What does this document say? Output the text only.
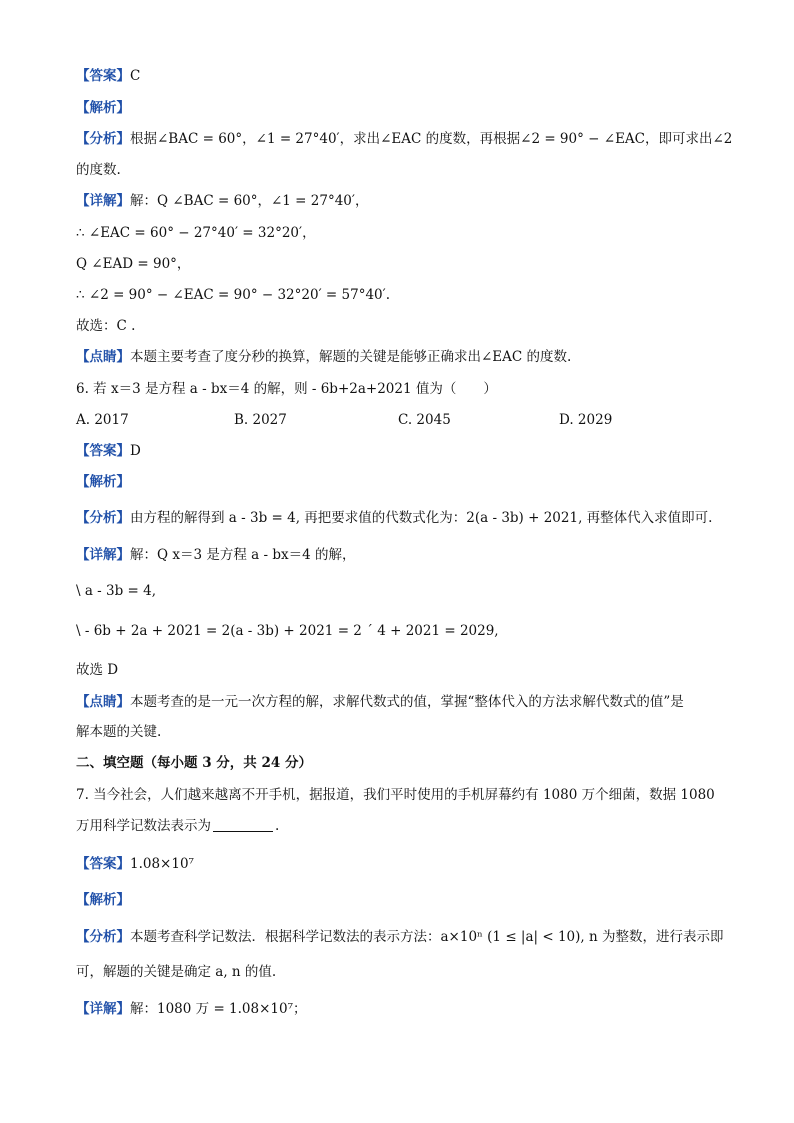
【答案】C
【解析】
【分析】根据∠BAC = 60°，∠1 = 27°40′，求出∠EAC 的度数，再根据∠2 = 90° − ∠EAC，即可求出∠2
的度数.
【详解】解：Q ∠BAC = 60°，∠1 = 27°40′，
∴ ∠EAC = 60° − 27°40′ = 32°20′，
Q ∠EAD = 90°，
∴ ∠2 = 90° − ∠EAC = 90° − 32°20′ = 57°40′.
故选：C .
【点睛】本题主要考查了度分秒的换算，解题的关键是能够正确求出∠EAC 的度数.
6. 若 x＝3 是方程 a - bx＝4 的解，则 - 6b+2a+2021 值为（　　）
A. 2017	B. 2027	C. 2045	D. 2029
【答案】D
【解析】
【分析】由方程的解得到 a - 3b = 4, 再把要求值的代数式化为：2(a - 3b) + 2021, 再整体代入求值即可.
【详解】解：Q x＝3 是方程 a - bx＝4 的解，
\ a - 3b = 4,
\ - 6b + 2a + 2021 = 2(a - 3b) + 2021 = 2 ´ 4 + 2021 = 2029,
故选 D
【点睛】本题考查的是一元一次方程的解，求解代数式的值，掌握“整体代入的方法求解代数式的值”是
解本题的关键.
二、填空题（每小题 3 分，共 24 分）
7. 当今社会，人们越来越离不开手机，据报道，我们平时使用的手机屏幕约有 1080 万个细菌，数据 1080
万用科学记数法表示为	.
【答案】1.08×10⁷
【解析】
【分析】本题考查科学记数法．根据科学记数法的表示方法：a×10ⁿ (1 ≤ |a| < 10), n 为整数，进行表示即
可，解题的关键是确定 a, n 的值.
【详解】解：1080 万 = 1.08×10⁷；
